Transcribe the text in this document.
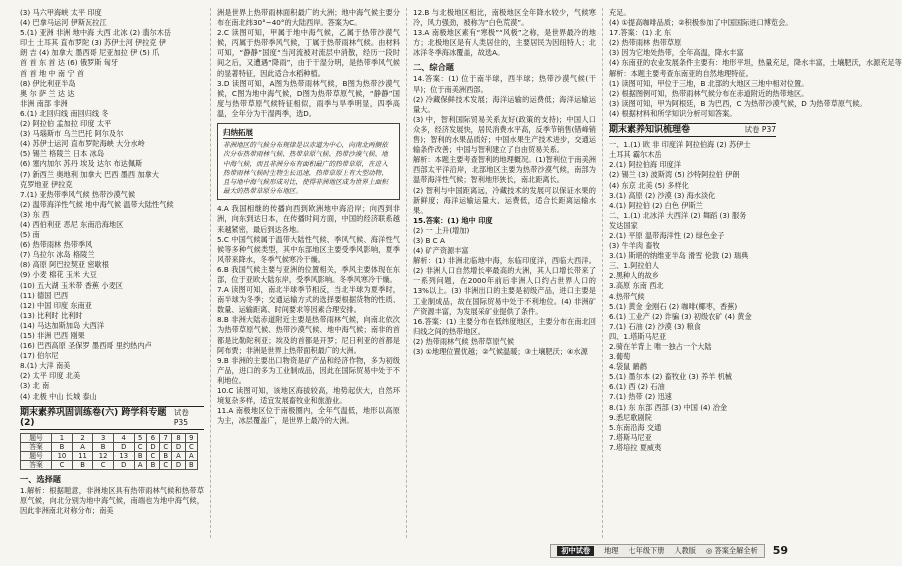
(3) 马六甲海峡 太平 印度
(4) 巴拿马运河 伊斯瓦拉江
5.(1) 亚洲 非洲 地中海 大西 北冰 (2) 翡尔木岳
印土 土耳其 直布罗陀 (3) 苏伊士河 伊拉克 伊
朗 吉 (4) 加拿大 墨西哥 尼亚加拉 伊 (5) 爪
首 首 东 首 达 (6) 俄罗斯 匈牙
首 首 地 中 南 宁 首
(8) 伊比利亚半岛
奥 尔 萨 兰 达 达
非洲 南部 非洲
6.(1) 北回归线 南回归线 冬
(2) 阿拉伯 孟加拉 印度 太平
(3) 马瑙斯市 乌兰巴托 阿尔及尔
(4) 苏伊士运河 直布罗陀海峡 大分水岭
(5) 锡兰 格陵兰 日本 冰岛
(6) 塞内加尔 苏丹 埃及 达尔 布达佩斯
(7) 新西兰 奥地利 加拿大 巴西 墨西 加拿大
克罗地亚 伊拉克
7.(1) 亚热带季风气候 热带沙漠气候
(2) 温带海洋性气候 地中海气候 温带大陆性气候
(3) 东 西
(4) 西伯利亚 恶尼 东南沿海地区
(5) 南
(6) 热带雨林 热带季风
(7) 乌拉尔 冰岛 格陵兰
(8) 高原 阿巴拉契亚 密歇根
(9) 小麦 棉花 玉米 大豆
(10) 五大湖 玉米带 香蕉 小麦区
(11) 德国 巴西
(12) 中国 印度 东南亚
(13) 比利时 比利时
(14) 马达加斯加岛 大西洋
(15) 非洲 巴西 刚果
(16) 巴西高原 圣保罗 墨西哥 里约热内卢
(17) 伯尔尼
8.(1) 大洋 南美
(2) 太平 印度 北美
(3) 北 南
(4) 北极 中山 长城 泰山
期末素养巩固训练卷(六) 跨学科专题(2)
试卷 P35
题号	1	2	3	4	5	6	7	8	9
答案	B	A	B	D	C	D	C	D	C
题号	10	11	12	13	B	C	B	A	A
答案	C	B	C	D	A	B	C	D	B
一、选择题
1.解析：根据题意，非洲地区具有热带雨林气候和热带草原气候，向北分别为地中海气候，南端也为地中海气候，因此非洲南北对称分布；南美
洲是世界上热带雨林面积最广的大洲；地中海气候主要分布在南北纬30°~40°的大陆西岸。答案为C。
2.C 读图可知，甲属于地中海气候，乙属于热带沙漠气候，丙属于热带季风气候，丁属于热带雨林气候。由材料可知，“静静”国度“当河流被对流层中消散，经历一段时间之后，又遭遇“降雨”，由于干湿分明，是热带季风气候的显著特征，因此适合水稻种植。
3.D 读图可知，A图为热带雨林气候，B图为热带沙漠气候，C图为地中海气候，D图为热带草原气候，“静静”国度与热带草原气候特征相似，雨季与旱季明显，四季高温，全年分为干湿两季，选D。
归纳拓展
非洲地区的气候分布规律是以赤道为中心，向南北两侧依次分布热带雨林气候、热带草原气候、热带沙漠气候、地中海气候，而且非洲分布有面积最广的热带草原，在进入热带雨林气候时生物生长迅速，热带草原上有大型动物，且与地中海气候形成对比，使得非洲地区成为世界上面积最大的热带草原分布地区。
4.A 我国相继的传播向西到欧洲地中海沿岸；向西到非洲，向东到达日本，在传播时间方面，中国的经济联系越来越紧密，最后到达各地。
5.C 中国气候属于温带大陆性气候、季风气候、海洋性气候等多种气候类型，其中东部地区主要受季风影响，夏季风带来降水，冬季气候寒冷干燥。
6.B 我国气候主要与亚洲的位置相关，季风主要体现在东部，位于亚欧大陆东岸，受季风影响。冬季风寒冷干燥。
7.A 读图可知，南北半球季节相反，当北半球为夏季时，南半球为冬季；交通运输方式的选择要根据货物的性质、数量、运输距离、时间要求等因素合理安排。
8.B 非洲大陆赤道附近主要是热带雨林气候，向南北依次为热带草原气候、热带沙漠气候、地中海气候；南非的首都是比勒陀利亚；埃及的首都是开罗；尼日利亚的首都是阿布贾；非洲是世界上热带面积最广的大洲。
9.B 非洲的主要出口物资是矿产品和经济作物，多为初级产品，进口的多为工业制成品，因此在国际贸易中处于不利地位。
10.C 读图可知，该地区海拔较高，地势起伏大，自然环境复杂多样，适宜发展畜牧业和旅游业。
11.A 南极地区位于南极圈内，全年气温低，地形以高原为主，冰层覆盖广，是世界上最冷的大洲。
12.B 与北极地区相比，南极地区全年降水较少，气候寒冷，风力强劲，被称为“白色荒漠”。
13.A 南极地区素有“寒极”“风极”之称，是世界最冷的地方；北极地区是有人类居住的，主要居民为因纽特人；北冰洋冬季海冰覆盖，故选A。
二、综合题
14.答案：(1) 位于南半球，西半球；热带沙漠气候(干旱)；位于南美洲西部。
(2) 冷藏保鲜技术发展；海洋运输的运费低；海洋运输运量大。
(3) 中，智利国际贸易关系友好(政策的支持)；中国人口众多，经济发展快，居民消费水平高，反季节销售(错峰销售)；智利的水果品质好；中国水果生产技术进步，交通运输条件改善；中国与智利建立了自由贸易关系。
解析：本题主要考查智利的地理概况。(1)智利位于南美洲西部太平洋沿岸，北部地区主要为热带沙漠气候，南部为温带海洋性气候；智利地形狭长，南北距离长。
(2) 智利与中国距离远，冷藏技术的发展可以保证水果的新鲜度；海洋运输运量大、运费低，适合长距离运输水果。
15.答案：(1) 地中 印度
(2) 一 上升(增加)
(3) B C A
(4) 矿产资源丰富
解析：(1) 非洲北临地中海，东临印度洋，西临大西洋。(2) 非洲人口自然增长率最高的大洲，其人口增长带来了一系列问题，在2000年前后非洲人口约占世界人口的13%以上。(3) 非洲出口的主要是初级产品，进口主要是工业制成品，故在国际贸易中处于不利地位。(4) 非洲矿产资源丰富，为发展采矿业提供了条件。
16.答案：(1) 主要分布在低纬度地区，主要分布在南北回归线之间的热带地区。
(2) 热带雨林气候 热带草原气候
(3) ①地理位置优越；②气候温暖；③土壤肥沃；④水源
充足。
(4) ①提高咖啡品质；②积极参加了中国国际进口博览会。
17.答案：(1) 北 东
(2) 热带雨林 热带草原
(3) 因为它地处热带，全年高温，降水丰富
(4) 东南亚的农业发展条件主要有：地形平坦，热量充足，降水丰富，土壤肥沃，水源充足等
解析：本题主要考查东南亚的自然地理特征。
(1) 读图可知，甲位于三地，B 北部的大地区三地中相对位置。
(2) 根据图例可知，热带雨林气候分布在赤道附近的热带地区。
(3) 读图可知，甲为阿根廷，B 为巴西，C 为热带沙漠气候，D 为热带草原气候。
(4) 根据材料和所学知识分析可知答案。
期末素养知识梳理卷	试卷 P37
一、1.(1) 欧 非 印度洋 阿拉伯海 (2) 苏伊士
土耳其 霸尔木岳
2.(1) 阿拉伯海 印度洋
(2) 锡兰 (3) 波斯湾 (5) 沙特阿拉伯 伊朗
(4) 东京 北美 (5) 多样化
3.(1) 高原 (2) 沙漠 (3) 海水淡化
4.(1) 阿拉伯 (2) 白色 伊斯兰
二、1.(1) 北冰洋 大西洋 (2) 舞蹈 (3) 服务
发达国家
2.(1) 平原 温带海洋性 (2) 绿色金子
(3) 牛羊肉 畜牧
3.(1) 斯堪的纳维亚半岛 滑雪 伦敦 (2) 瑞典
三、1.阿拉伯人
2.黑种人的故乡
3.高原 东南 西北
4.热带气候
5.(1) 黄金 金刚石 (2) 咖啡(椰枣，香蕉)
6.(1) 工业产 (2) 诈骗 (3) 初级农矿 (4) 黄金
7.(1) 石油 (2) 沙漠 (3) 粮食
四、1.塔斯马尼亚
2.骑在羊背上 唯一独占一个大陆
3.葡萄
4.袋鼠 鸸鹋
5.(1) 墨尔本 (2) 畜牧业 (3) 养羊 机械
6.(1) 西 (2) 石油
7.(1) 热带 (2) 迅速
8.(1) 东 东部 西部 (3) 中国 (4) 冶金
9.悉尼歌剧院
5.东南沿海 交通
7.塔斯马尼亚
7.塔培拉 夏威夷
初中试卷	地理 七年级下册 人教版 ◎ 答案全解全析 59
